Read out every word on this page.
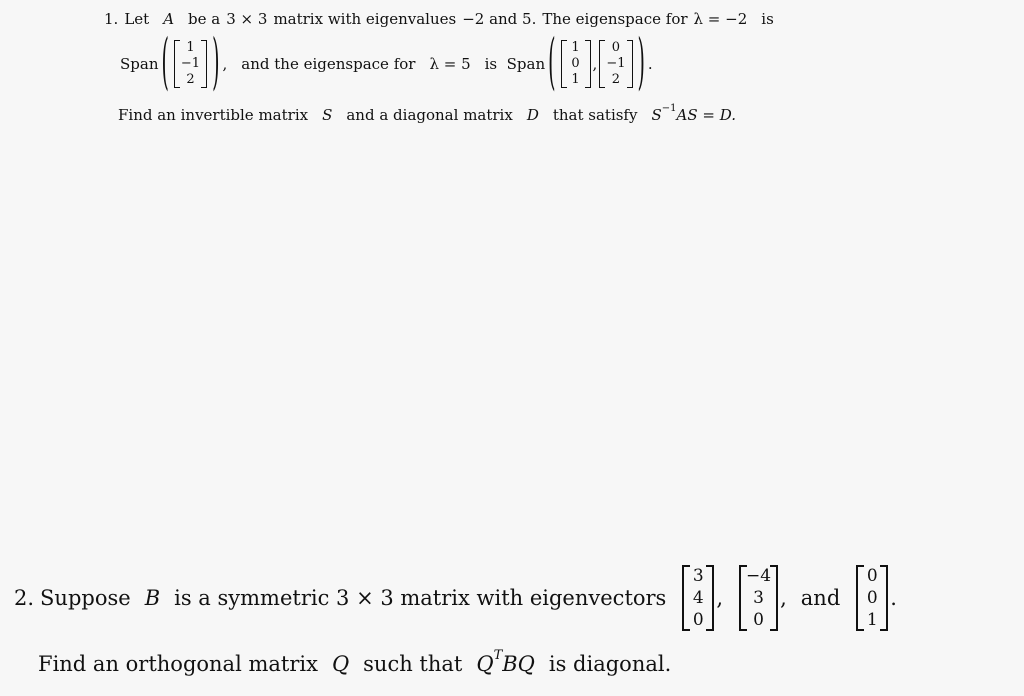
1. Let A be a 3 × 3 matrix with eigenvalues −2 and 5. The eigenspace for λ = −2 is
Span ( 1
−1
2 ) , and the eigenspace for λ = 5 is  Span ( 1
0
1
,
0
−1
2 ) .
Find an invertible matrix S and a diagonal matrix D that satisfy S −1 AS = D.
2. Suppose B is a symmetric 3 × 3 matrix with eigenvectors
3
4
0
,
−4
3
0
, and
0
0
1
.
Find an orthogonal matrix Q such that Q T BQ is diagonal.
